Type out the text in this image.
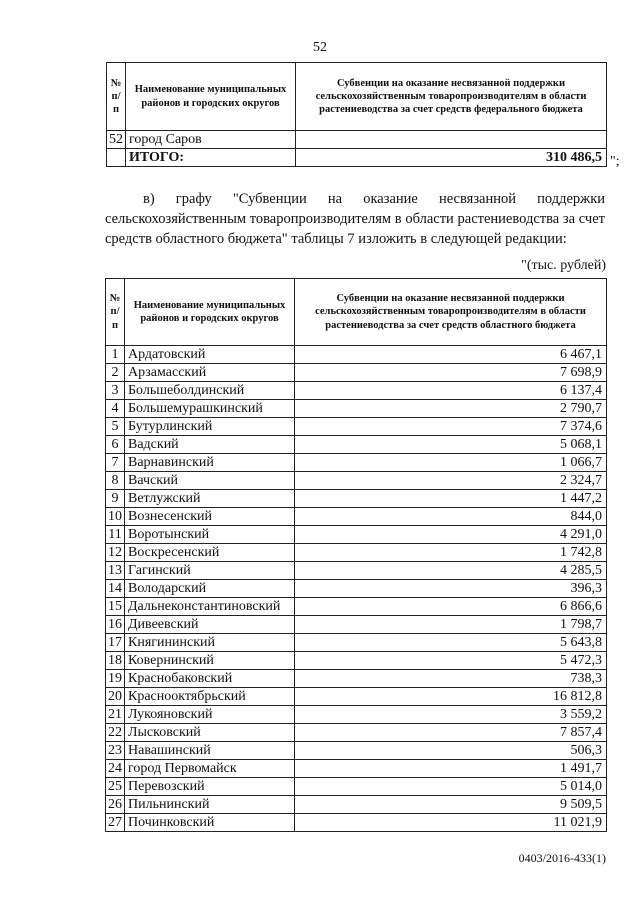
52
№ п/п	Наименование муниципальных районов и городских округов	Субвенции на оказание несвязанной поддержки сельскохозяйственным товаропроизводителям в области растениеводства за счет средств федерального бюджета
52	город Саров	
	ИТОГО:	310 486,5 ";
в) графу "Субвенции на оказание несвязанной поддержки сельскохозяйственным товаропроизводителям в области растениеводства за счет средств областного бюджета" таблицы 7 изложить в следующей редакции:
"(тыс. рублей)
№ п/п	Наименование муниципальных районов и городских округов	Субвенции на оказание несвязанной поддержки сельскохозяйственным товаропроизводителям в области растениеводства за счет средств областного бюджета
1	Ардатовский	6 467,1
2	Арзамасский	7 698,9
3	Большеболдинский	6 137,4
4	Большемурашкинский	2 790,7
5	Бутурлинский	7 374,6
6	Вадский	5 068,1
7	Варнавинский	1 066,7
8	Вачский	2 324,7
9	Ветлужский	1 447,2
10	Вознесенский	844,0
11	Воротынский	4 291,0
12	Воскресенский	1 742,8
13	Гагинский	4 285,5
14	Володарский	396,3
15	Дальнеконстантиновский	6 866,6
16	Дивеевский	1 798,7
17	Княгининский	5 643,8
18	Ковернинский	5 472,3
19	Краснобаковский	738,3
20	Краснооктябрьский	16 812,8
21	Лукояновский	3 559,2
22	Лысковский	7 857,4
23	Навашинский	506,3
24	город Первомайск	1 491,7
25	Перевозский	5 014,0
26	Пильнинский	9 509,5
27	Починковский	11 021,9
0403/2016-433(1)
